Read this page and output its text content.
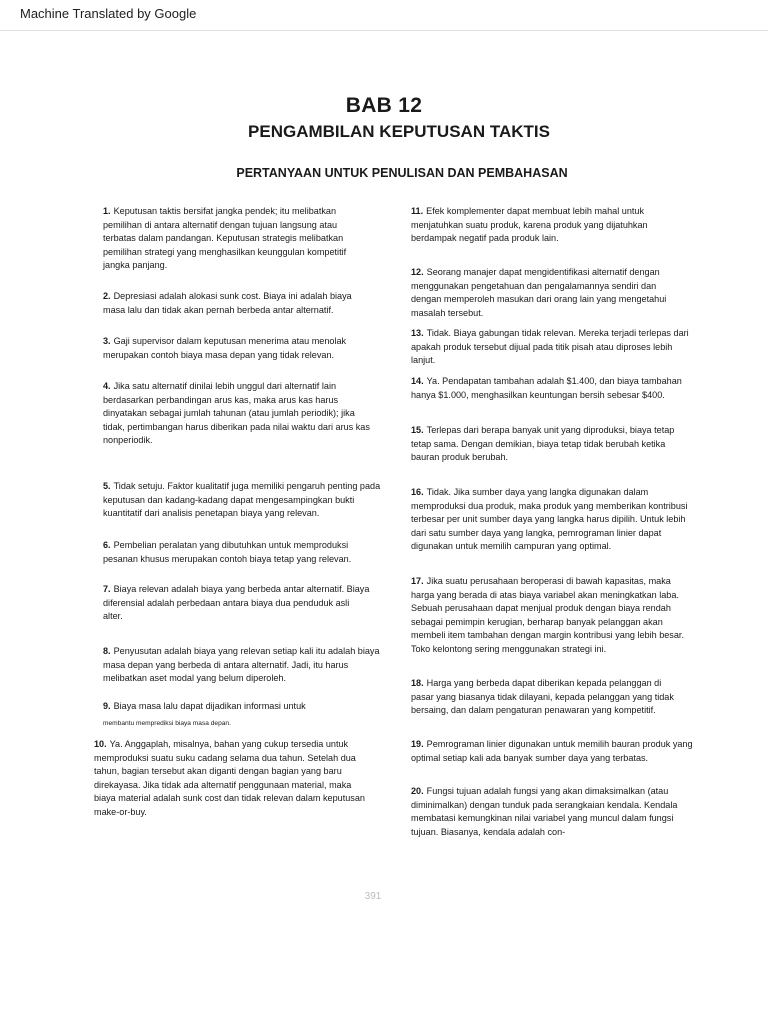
Machine Translated by Google
BAB 12
PENGAMBILAN KEPUTUSAN TAKTIS
PERTANYAAN UNTUK PENULISAN DAN PEMBAHASAN
1. Keputusan taktis bersifat jangka pendek; itu melibatkan pemilihan di antara alternatif dengan tujuan langsung atau terbatas dalam pandangan. Keputusan strategis melibatkan pemilihan strategi yang menghasilkan keunggulan kompetitif jangka panjang.
2. Depresiasi adalah alokasi sunk cost. Biaya ini adalah biaya masa lalu dan tidak akan pernah berbeda antar alternatif.
3. Gaji supervisor dalam keputusan menerima atau menolak merupakan contoh biaya masa depan yang tidak relevan.
4. Jika satu alternatif dinilai lebih unggul dari alternatif lain berdasarkan perbandingan arus kas, maka arus kas harus dinyatakan sebagai jumlah tahunan (atau jumlah periodik); jika tidak, pertimbangan harus diberikan pada nilai waktu dari arus kas nonperiodik.
5. Tidak setuju. Faktor kualitatif juga memiliki pengaruh penting pada keputusan dan kadang-kadang dapat mengesampingkan bukti kuantitatif dari analisis penetapan biaya yang relevan.
6. Pembelian peralatan yang dibutuhkan untuk memproduksi pesanan khusus merupakan contoh biaya tetap yang relevan.
7. Biaya relevan adalah biaya yang berbeda antar alternatif. Biaya diferensial adalah perbedaan antara biaya dua penduduk asli alter.
8. Penyusutan adalah biaya yang relevan setiap kali itu adalah biaya masa depan yang berbeda di antara alternatif. Jadi, itu harus melibatkan aset modal yang belum diperoleh.
9. Biaya masa lalu dapat dijadikan informasi untuk
membantu memprediksi biaya masa depan.
10. Ya. Anggaplah, misalnya, bahan yang cukup tersedia untuk memproduksi suatu suku cadang selama dua tahun. Setelah dua tahun, bagian tersebut akan diganti dengan bagian yang baru direkayasa. Jika tidak ada alternatif penggunaan material, maka biaya material adalah sunk cost dan tidak relevan dalam keputusan make-or-buy.
11. Efek komplementer dapat membuat lebih mahal untuk menjatuhkan suatu produk, karena produk yang dijatuhkan berdampak negatif pada produk lain.
12. Seorang manajer dapat mengidentifikasi alternatif dengan menggunakan pengetahuan dan pengalamannya sendiri dan dengan memperoleh masukan dari orang lain yang mengetahui masalah tersebut.
13. Tidak. Biaya gabungan tidak relevan. Mereka terjadi terlepas dari apakah produk tersebut dijual pada titik pisah atau diproses lebih lanjut.
14. Ya. Pendapatan tambahan adalah $1.400, dan biaya tambahan hanya $1.000, menghasilkan keuntungan bersih sebesar $400.
15. Terlepas dari berapa banyak unit yang diproduksi, biaya tetap tetap sama. Dengan demikian, biaya tetap tidak berubah ketika bauran produk berubah.
16. Tidak. Jika sumber daya yang langka digunakan dalam memproduksi dua produk, maka produk yang memberikan kontribusi terbesar per unit sumber daya yang langka harus dipilih. Untuk lebih dari satu sumber daya yang langka, pemrograman linier dapat digunakan untuk memilih campuran yang optimal.
17. Jika suatu perusahaan beroperasi di bawah kapasitas, maka harga yang berada di atas biaya variabel akan meningkatkan laba. Sebuah perusahaan dapat menjual produk dengan biaya rendah sebagai pemimpin kerugian, berharap banyak pelanggan akan membeli item tambahan dengan margin kontribusi yang lebih besar. Toko kelontong sering menggunakan strategi ini.
18. Harga yang berbeda dapat diberikan kepada pelanggan di pasar yang biasanya tidak dilayani, kepada pelanggan yang tidak bersaing, dan dalam pengaturan penawaran yang kompetitif.
19. Pemrograman linier digunakan untuk memilih bauran produk yang optimal setiap kali ada banyak sumber daya yang terbatas.
20. Fungsi tujuan adalah fungsi yang akan dimaksimalkan (atau diminimalkan) dengan tunduk pada serangkaian kendala. Kendala membatasi kemungkinan nilai variabel yang muncul dalam fungsi tujuan. Biasanya, kendala adalah con-
391
